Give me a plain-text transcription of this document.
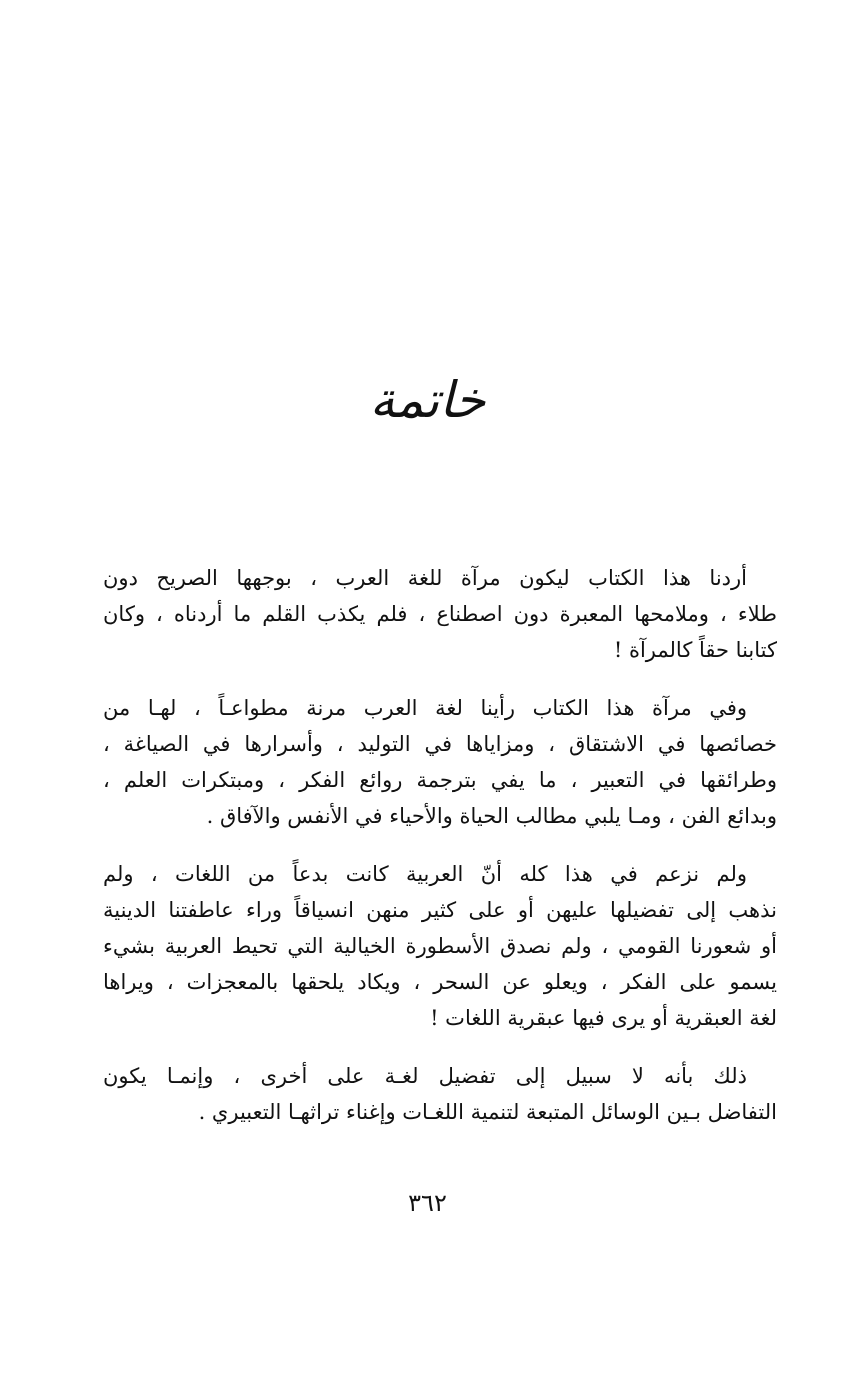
خاتمة

أردنا هذا الكتاب ليكون مرآة للغة العرب ، بوجهها الصريح دون
طلاء ، وملامحها المعبرة دون اصطناع ، فلم يكذب القلم ما أردناه ، وكان
كتابنا حقاً كالمرآة !

وفي مرآة هذا الكتاب رأينا لغة العرب مرنة مطواعـاً ، لهـا من
خصائصها في الاشتقاق ، ومزاياها في التوليد ، وأسرارها في الصياغة ،
وطرائقها في التعبير ، ما يفي بترجمة روائع الفكر ، ومبتكرات العلم ،
وبدائع الفن ، ومـا يلبي مطالب الحياة والأحياء في الأنفس والآفاق .

ولم نزعم في هذا كله أنّ العربية كانت بدعاً من اللغات ، ولم
نذهب إلى تفضيلها عليهن أو على كثير منهن انسياقاً وراء عاطفتنا الدينية
أو شعورنا القومي ، ولم نصدق الأسطورة الخيالية التي تحيط العربية بشيء
يسمو على الفكر ، ويعلو عن السحر ، ويكاد يلحقها بالمعجزات ، ويراها
لغة العبقرية أو يرى فيها عبقرية اللغات !

ذلك بأنه لا سبيل إلى تفضيل لغـة على أخرى ، وإنمـا يكون
التفاضل بـين الوسائل المتبعة لتنمية اللغـات وإغناء تراثهـا التعبيري .

٣٦٢
